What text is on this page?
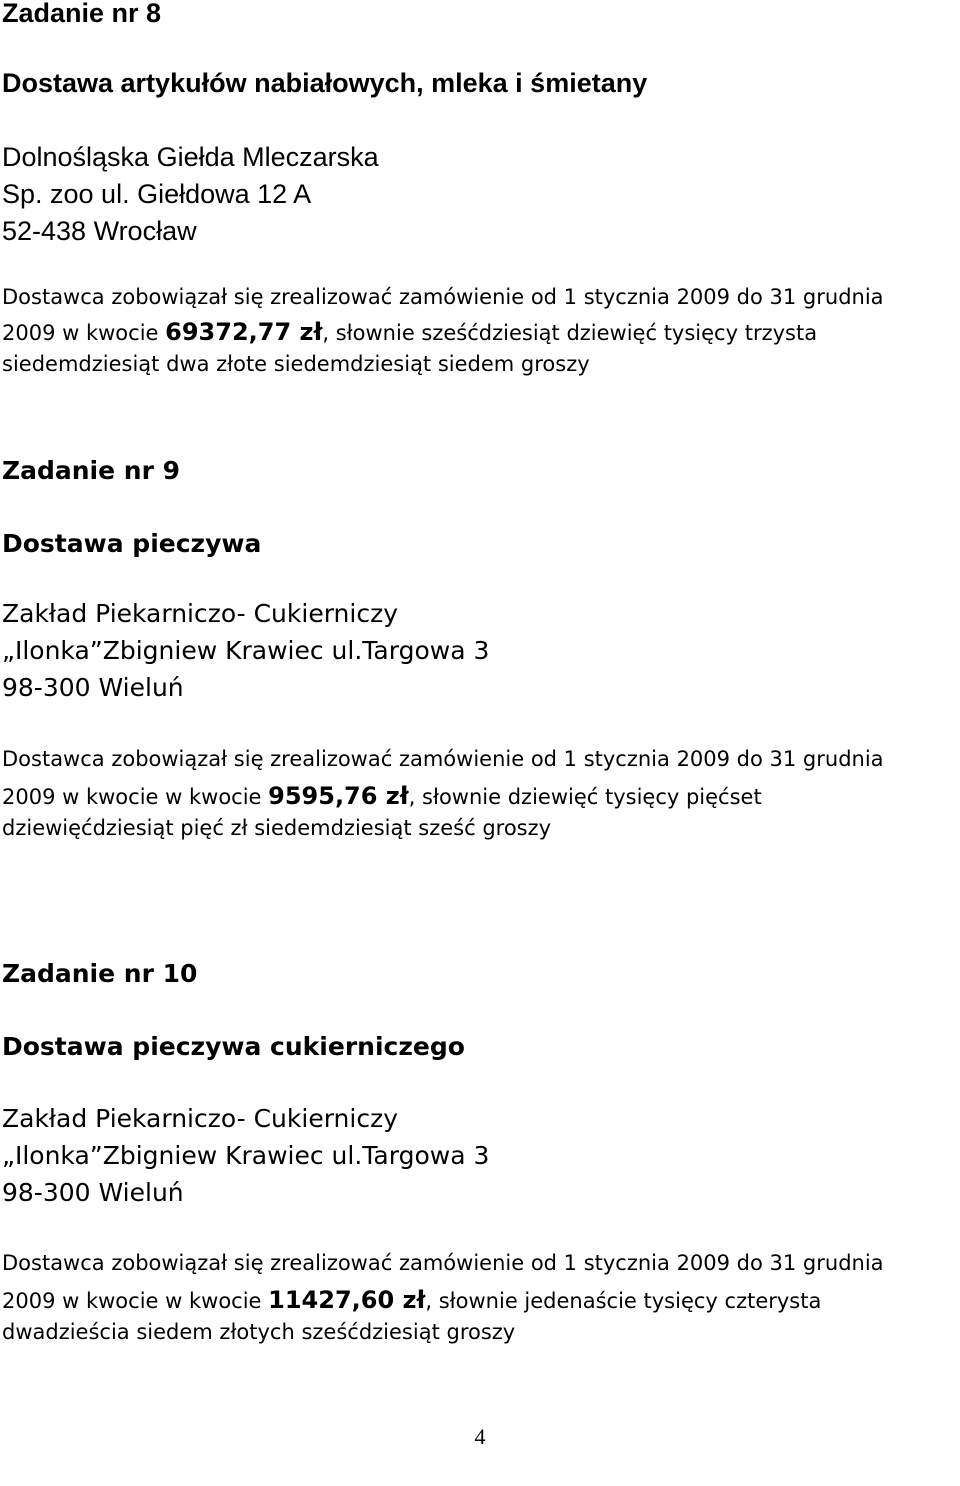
Zadanie nr 8
Dostawa artykułów nabiałowych, mleka i śmietany
Dolnośląska Giełda Mleczarska
Sp. zoo ul. Giełdowa 12 A
52-438 Wrocław
Dostawca zobowiązał się zrealizować zamówienie od 1 stycznia 2009 do 31 grudnia
2009 w kwocie 69372,77 zł, słownie sześćdziesiąt dziewięć tysięcy trzysta
siedemdziesiąt dwa złote siedemdziesiąt siedem groszy
Zadanie nr 9
Dostawa pieczywa
Zakład Piekarniczo- Cukierniczy
„Ilonka”Zbigniew Krawiec ul.Targowa 3
98-300 Wieluń
Dostawca zobowiązał się zrealizować zamówienie od 1 stycznia 2009 do 31 grudnia
2009 w kwocie w kwocie 9595,76 zł, słownie dziewięć tysięcy pięćset
dziewięćdziesiąt pięć zł siedemdziesiąt sześć groszy
Zadanie nr 10
Dostawa pieczywa cukierniczego
Zakład Piekarniczo- Cukierniczy
„Ilonka”Zbigniew Krawiec ul.Targowa 3
98-300 Wieluń
Dostawca zobowiązał się zrealizować zamówienie od 1 stycznia 2009 do 31 grudnia
2009 w kwocie w kwocie 11427,60 zł, słownie jedenaście tysięcy czterysta
dwadzieścia siedem złotych sześćdziesiąt groszy
4
